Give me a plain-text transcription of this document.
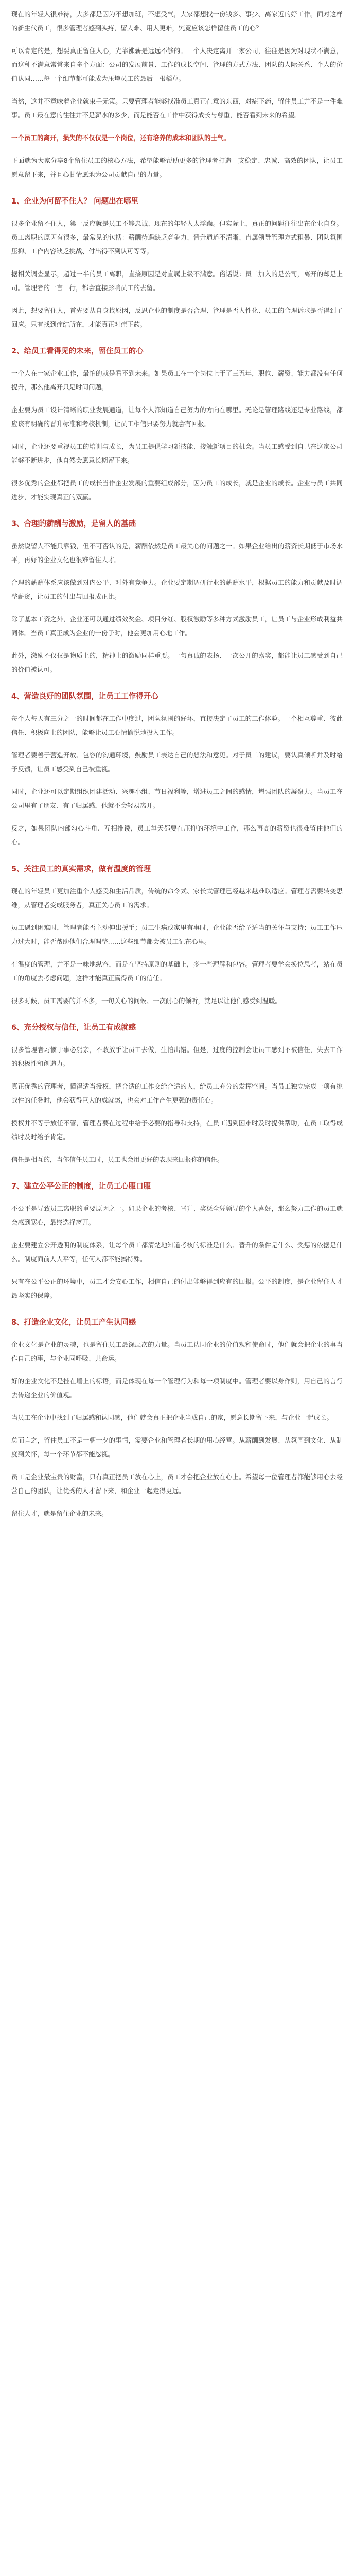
现在的年轻人很难待，大多都是因为不想加班，不想受气，大家都想找一份钱多、事少、离家近的好工作。面对这样的新生代员工，很多管理者感到头疼，留人难、用人更难，究竟应该怎样留住员工的心？

可以肯定的是，想要真正留住人心，光靠涨薪是远远不够的。一个人决定离开一家公司，往往是因为对现状不满意，而这种不满意常常来自多个方面：公司的发展前景、工作的成长空间、管理的方式方法、团队的人际关系、个人的价值认同……每一个细节都可能成为压垮员工的最后一根稻草。

当然，这并不意味着企业就束手无策。只要管理者能够找准员工真正在意的东西，对症下药，留住员工并不是一件难事。员工最在意的往往并不是薪水的多少，而是能否在工作中获得成长与尊重，能否看到未来的希望。

一个员工的离开，损失的不仅仅是一个岗位，还有培养的成本和团队的士气。

下面就为大家分享8个留住员工的核心方法，希望能够帮助更多的管理者打造一支稳定、忠诚、高效的团队，让员工愿意留下来，并且心甘情愿地为公司贡献自己的力量。

1、企业为何留不住人？ 问题出在哪里

很多企业留不住人，第一反应就是员工不够忠诚、现在的年轻人太浮躁。但实际上，真正的问题往往出在企业自身。员工离职的原因有很多，最常见的包括：薪酬待遇缺乏竞争力、晋升通道不清晰、直属领导管理方式粗暴、团队氛围压抑、工作内容缺乏挑战、付出得不到认可等等。

据相关调查显示，超过一半的员工离职，直接原因是对直属上级不满意。俗话说：员工加入的是公司，离开的却是上司。管理者的一言一行，都会直接影响员工的去留。

因此，想要留住人，首先要从自身找原因，反思企业的制度是否合理、管理是否人性化、员工的合理诉求是否得到了回应。只有找到症结所在，才能真正对症下药。

2、给员工看得见的未来，留住员工的心

一个人在一家企业工作，最怕的就是看不到未来。如果员工在一个岗位上干了三五年，职位、薪资、能力都没有任何提升，那么他离开只是时间问题。

企业要为员工设计清晰的职业发展通道，让每个人都知道自己努力的方向在哪里。无论是管理路线还是专业路线，都应该有明确的晋升标准和考核机制，让员工相信只要努力就会有回报。

同时，企业还要重视员工的培训与成长，为员工提供学习新技能、接触新项目的机会。当员工感受到自己在这家公司能够不断进步，他自然会愿意长期留下来。

很多优秀的企业都把员工的成长当作企业发展的重要组成部分，因为员工的成长，就是企业的成长。企业与员工共同进步，才能实现真正的双赢。

3、合理的薪酬与激励，是留人的基础

虽然说留人不能只靠钱，但不可否认的是，薪酬依然是员工最关心的问题之一。如果企业给出的薪资长期低于市场水平，再好的企业文化也很难留住人才。

合理的薪酬体系应该做到对内公平、对外有竞争力。企业要定期调研行业的薪酬水平，根据员工的能力和贡献及时调整薪资，让员工的付出与回报成正比。

除了基本工资之外，企业还可以通过绩效奖金、项目分红、股权激励等多种方式激励员工，让员工与企业形成利益共同体。当员工真正成为企业的一份子时，他会更加用心地工作。

此外，激励不仅仅是物质上的，精神上的激励同样重要。一句真诚的表扬、一次公开的嘉奖，都能让员工感受到自己的价值被认可。

4、营造良好的团队氛围，让员工工作得开心

每个人每天有三分之一的时间都在工作中度过，团队氛围的好坏，直接决定了员工的工作体验。一个相互尊重、彼此信任、积极向上的团队，能够让员工心情愉悦地投入工作。

管理者要善于营造开放、包容的沟通环境，鼓励员工表达自己的想法和意见。对于员工的建议，要认真倾听并及时给予反馈，让员工感受到自己被重视。

同时，企业还可以定期组织团建活动、兴趣小组、节日福利等，增进员工之间的感情，增强团队的凝聚力。当员工在公司里有了朋友、有了归属感，他就不会轻易离开。

反之，如果团队内部勾心斗角、互相推诿，员工每天都要在压抑的环境中工作，那么再高的薪资也很难留住他们的心。

5、关注员工的真实需求，做有温度的管理

现在的年轻员工更加注重个人感受和生活品质，传统的命令式、家长式管理已经越来越难以适应。管理者需要转变思维，从管理者变成服务者，真正关心员工的需求。

员工遇到困难时，管理者能否主动伸出援手；员工生病或家里有事时，企业能否给予适当的关怀与支持；员工工作压力过大时，能否帮助他们合理调整……这些细节都会被员工记在心里。

有温度的管理，并不是一味地纵容，而是在坚持原则的基础上，多一些理解和包容。管理者要学会换位思考，站在员工的角度去考虑问题，这样才能真正赢得员工的信任。

很多时候，员工需要的并不多，一句关心的问候、一次耐心的倾听，就足以让他们感受到温暖。

6、充分授权与信任，让员工有成就感

很多管理者习惯于事必躬亲，不敢放手让员工去做，生怕出错。但是，过度的控制会让员工感到不被信任，失去工作的积极性和创造力。

真正优秀的管理者，懂得适当授权，把合适的工作交给合适的人，给员工充分的发挥空间。当员工独立完成一项有挑战性的任务时，他会获得巨大的成就感，也会对工作产生更强的责任心。

授权并不等于放任不管，管理者要在过程中给予必要的指导和支持，在员工遇到困难时及时提供帮助，在员工取得成绩时及时给予肯定。

信任是相互的，当你信任员工时，员工也会用更好的表现来回报你的信任。

7、建立公平公正的制度，让员工心服口服

不公平是导致员工离职的重要原因之一。如果企业的考核、晋升、奖惩全凭领导的个人喜好，那么努力工作的员工就会感到寒心，最终选择离开。

企业要建立公开透明的制度体系，让每个员工都清楚地知道考核的标准是什么、晋升的条件是什么、奖惩的依据是什么。制度面前人人平等，任何人都不能搞特殊。

只有在公平公正的环境中，员工才会安心工作，相信自己的付出能够得到应有的回报。公平的制度，是企业留住人才最坚实的保障。

8、打造企业文化，让员工产生认同感

企业文化是企业的灵魂，也是留住员工最深层次的力量。当员工认同企业的价值观和使命时，他们就会把企业的事当作自己的事，与企业同呼吸、共命运。

好的企业文化不是挂在墙上的标语，而是体现在每一个管理行为和每一项制度中。管理者要以身作则，用自己的言行去传递企业的价值观。

当员工在企业中找到了归属感和认同感，他们就会真正把企业当成自己的家，愿意长期留下来，与企业一起成长。

总而言之，留住员工不是一朝一夕的事情，需要企业和管理者长期的用心经营。从薪酬到发展、从氛围到文化、从制度到关怀，每一个环节都不能忽视。

员工是企业最宝贵的财富，只有真正把员工放在心上，员工才会把企业放在心上。希望每一位管理者都能够用心去经营自己的团队，让优秀的人才留下来，和企业一起走得更远。

留住人才，就是留住企业的未来。
